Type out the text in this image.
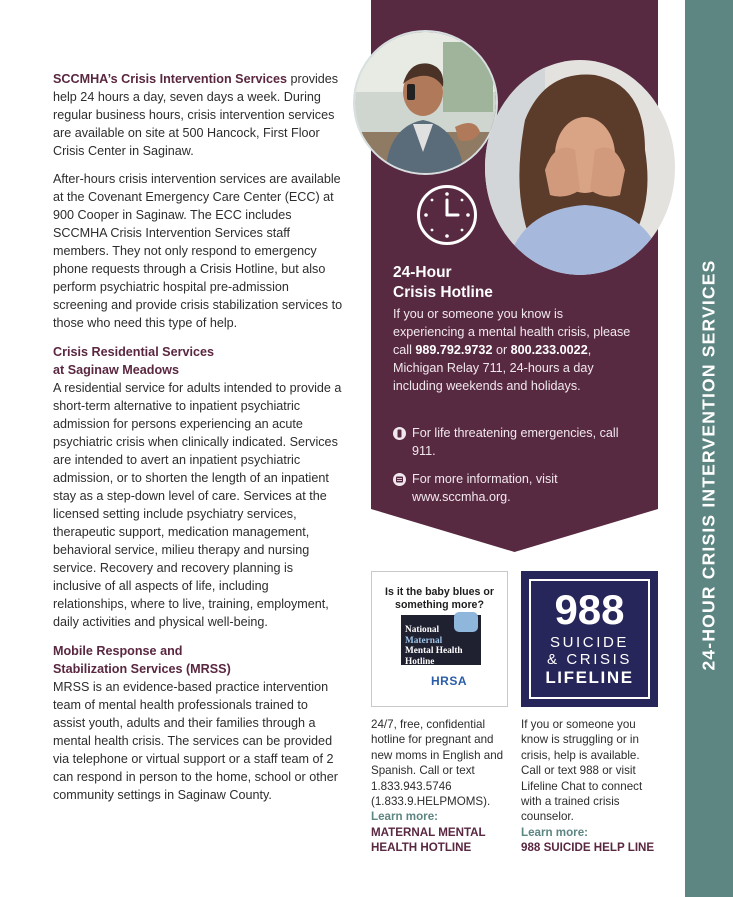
SCCMHA’s Crisis Intervention Services provides help 24 hours a day, seven days a week. During regular business hours, crisis intervention services are available on site at 500 Hancock, First Floor Crisis Center in Saginaw.

After-hours crisis intervention services are available at the Covenant Emergency Care Center (ECC) at 900 Cooper in Saginaw. The ECC includes SCCMHA Crisis Intervention Services staff members. They not only respond to emergency phone requests through a Crisis Hotline, but also perform psychiatric hospital pre-admission screening and provide crisis stabilization services to those who need this type of help.

Crisis Residential Services
at Saginaw Meadows

A residential service for adults intended to provide a short-term alternative to inpatient psychiatric admission for persons experiencing an acute psychiatric crisis when clinically indicated. Services are intended to avert an inpatient psychiatric admission, or to shorten the length of an inpatient stay as a step-down level of care. Services at the licensed setting include psychiatry services, therapeutic support, medication management, behavioral service, milieu therapy and nursing service. Recovery and recovery planning is inclusive of all aspects of life, including relationships, where to live, training, employment, daily activities and physical well-being.

Mobile Response and
Stabilization Services (MRSS)

MRSS is an evidence-based practice intervention team of mental health professionals trained to assist youth, adults and their families through a mental health crisis. The services can be provided via telephone or virtual support or a staff team of 2 can respond in person to the home, school or other community settings in Saginaw County.

24-Hour
Crisis Hotline
If you or someone you know is experiencing a mental health crisis, please call 989.792.9732 or 800.233.0022, Michigan Relay 711, 24-hours a day including weekends and holidays.
For life threatening emergencies, call 911.
For more information, visit www.sccmha.org.	24-HOUR CRISIS INTERVENTION SERVICES
Is it the baby blues or something more?
National
Maternal
Mental Health
Hotline
HRSA
988
SUICIDE
& CRISIS
LIFELINE
24/7, free, confidential hotline for pregnant and new moms in English and Spanish. Call or text 1.833.943.5746 (1.833.9.HELPMOMS).
Learn more:
MATERNAL MENTAL HEALTH HOTLINE
If you or someone you know is struggling or in crisis, help is available. Call or text 988 or visit Lifeline Chat to connect with a trained crisis counselor.
Learn more:
988 SUICIDE HELP LINE
